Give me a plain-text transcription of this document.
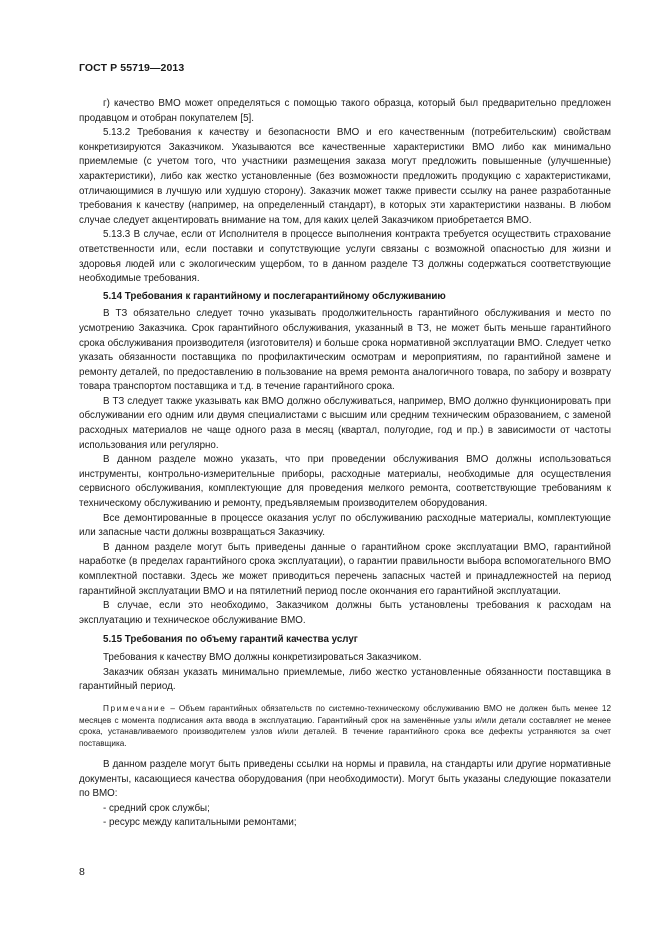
ГОСТ Р 55719—2013

г) качество ВМО может определяться с помощью такого образца, который был предварительно предложен продавцом и отобран покупателем [5].

5.13.2 Требования к качеству и безопасности ВМО и его качественным (потребительским) свойствам конкретизируются Заказчиком. Указываются все качественные характеристики ВМО либо как минимально приемлемые (с учетом того, что участники размещения заказа могут предложить повышенные (улучшенные) характеристики), либо как жестко установленные (без возможности предложить продукцию с характеристиками, отличающимися в лучшую или худшую сторону). Заказчик может также привести ссылку на ранее разработанные требования к качеству (например, на определенный стандарт), в которых эти характеристики названы. В любом случае следует акцентировать внимание на том, для каких целей Заказчиком приобретается ВМО.

5.13.3 В случае, если от Исполнителя в процессе выполнения контракта требуется осуществить страхование ответственности или, если поставки и сопутствующие услуги связаны с возможной опасностью для жизни и здоровья людей или с экологическим ущербом, то в данном разделе ТЗ должны содержаться соответствующие необходимые требования.

5.14 Требования к гарантийному и послегарантийному обслуживанию

В ТЗ обязательно следует точно указывать продолжительность гарантийного обслуживания и место по усмотрению Заказчика. Срок гарантийного обслуживания, указанный в ТЗ, не может быть меньше гарантийного срока обслуживания производителя (изготовителя) и больше срока нормативной эксплуатации ВМО. Следует четко указать обязанности поставщика по профилактическим осмотрам и мероприятиям, по гарантийной замене и ремонту деталей, по предоставлению в пользование на время ремонта аналогичного товара, по забору и возврату товара транспортом поставщика и т.д. в течение гарантийного срока.

В ТЗ следует также указывать как ВМО должно обслуживаться, например, ВМО должно функционировать при обслуживании его одним или двумя специалистами с высшим или средним техническим образованием, с заменой расходных материалов не чаще одного раза в месяц (квартал, полугодие, год и пр.) в зависимости от частоты использования или регулярно.

В данном разделе можно указать, что при проведении обслуживания ВМО должны использоваться инструменты, контрольно-измерительные приборы, расходные материалы, необходимые для осуществления сервисного обслуживания, комплектующие для проведения мелкого ремонта, соответствующие требованиям к техническому обслуживанию и ремонту, предъявляемым производителем оборудования.

Все демонтированные в процессе оказания услуг по обслуживанию расходные материалы, комплектующие или запасные части должны возвращаться Заказчику.

В данном разделе могут быть приведены данные о гарантийном сроке эксплуатации ВМО, гарантийной наработке (в пределах гарантийного срока эксплуатации), о гарантии правильности выбора вспомогательного ВМО комплектной поставки. Здесь же может приводиться перечень запасных частей и принадлежностей на период гарантийной эксплуатации ВМО и на пятилетний период после окончания его гарантийной эксплуатации.

В случае, если это необходимо, Заказчиком должны быть установлены требования к расходам на эксплуатацию и техническое обслуживание ВМО.

5.15 Требования по объему гарантий качества услуг

Требования к качеству ВМО должны конкретизироваться Заказчиком.

Заказчик обязан указать минимально приемлемые, либо жестко установленные обязанности поставщика в гарантийный период.

Примечание – Объем гарантийных обязательств по системно-техническому обслуживанию ВМО не должен быть менее 12 месяцев с момента подписания акта ввода в эксплуатацию. Гарантийный срок на заменённые узлы и/или детали составляет не менее срока, устанавливаемого производителем узлов и/или деталей. В течение гарантийного срока все дефекты устраняются за счет поставщика.

В данном разделе могут быть приведены ссылки на нормы и правила, на стандарты или другие нормативные документы, касающиеся качества оборудования (при необходимости). Могут быть указаны следующие показатели по ВМО:

- средний срок службы;

- ресурс между капитальными ремонтами;

8
